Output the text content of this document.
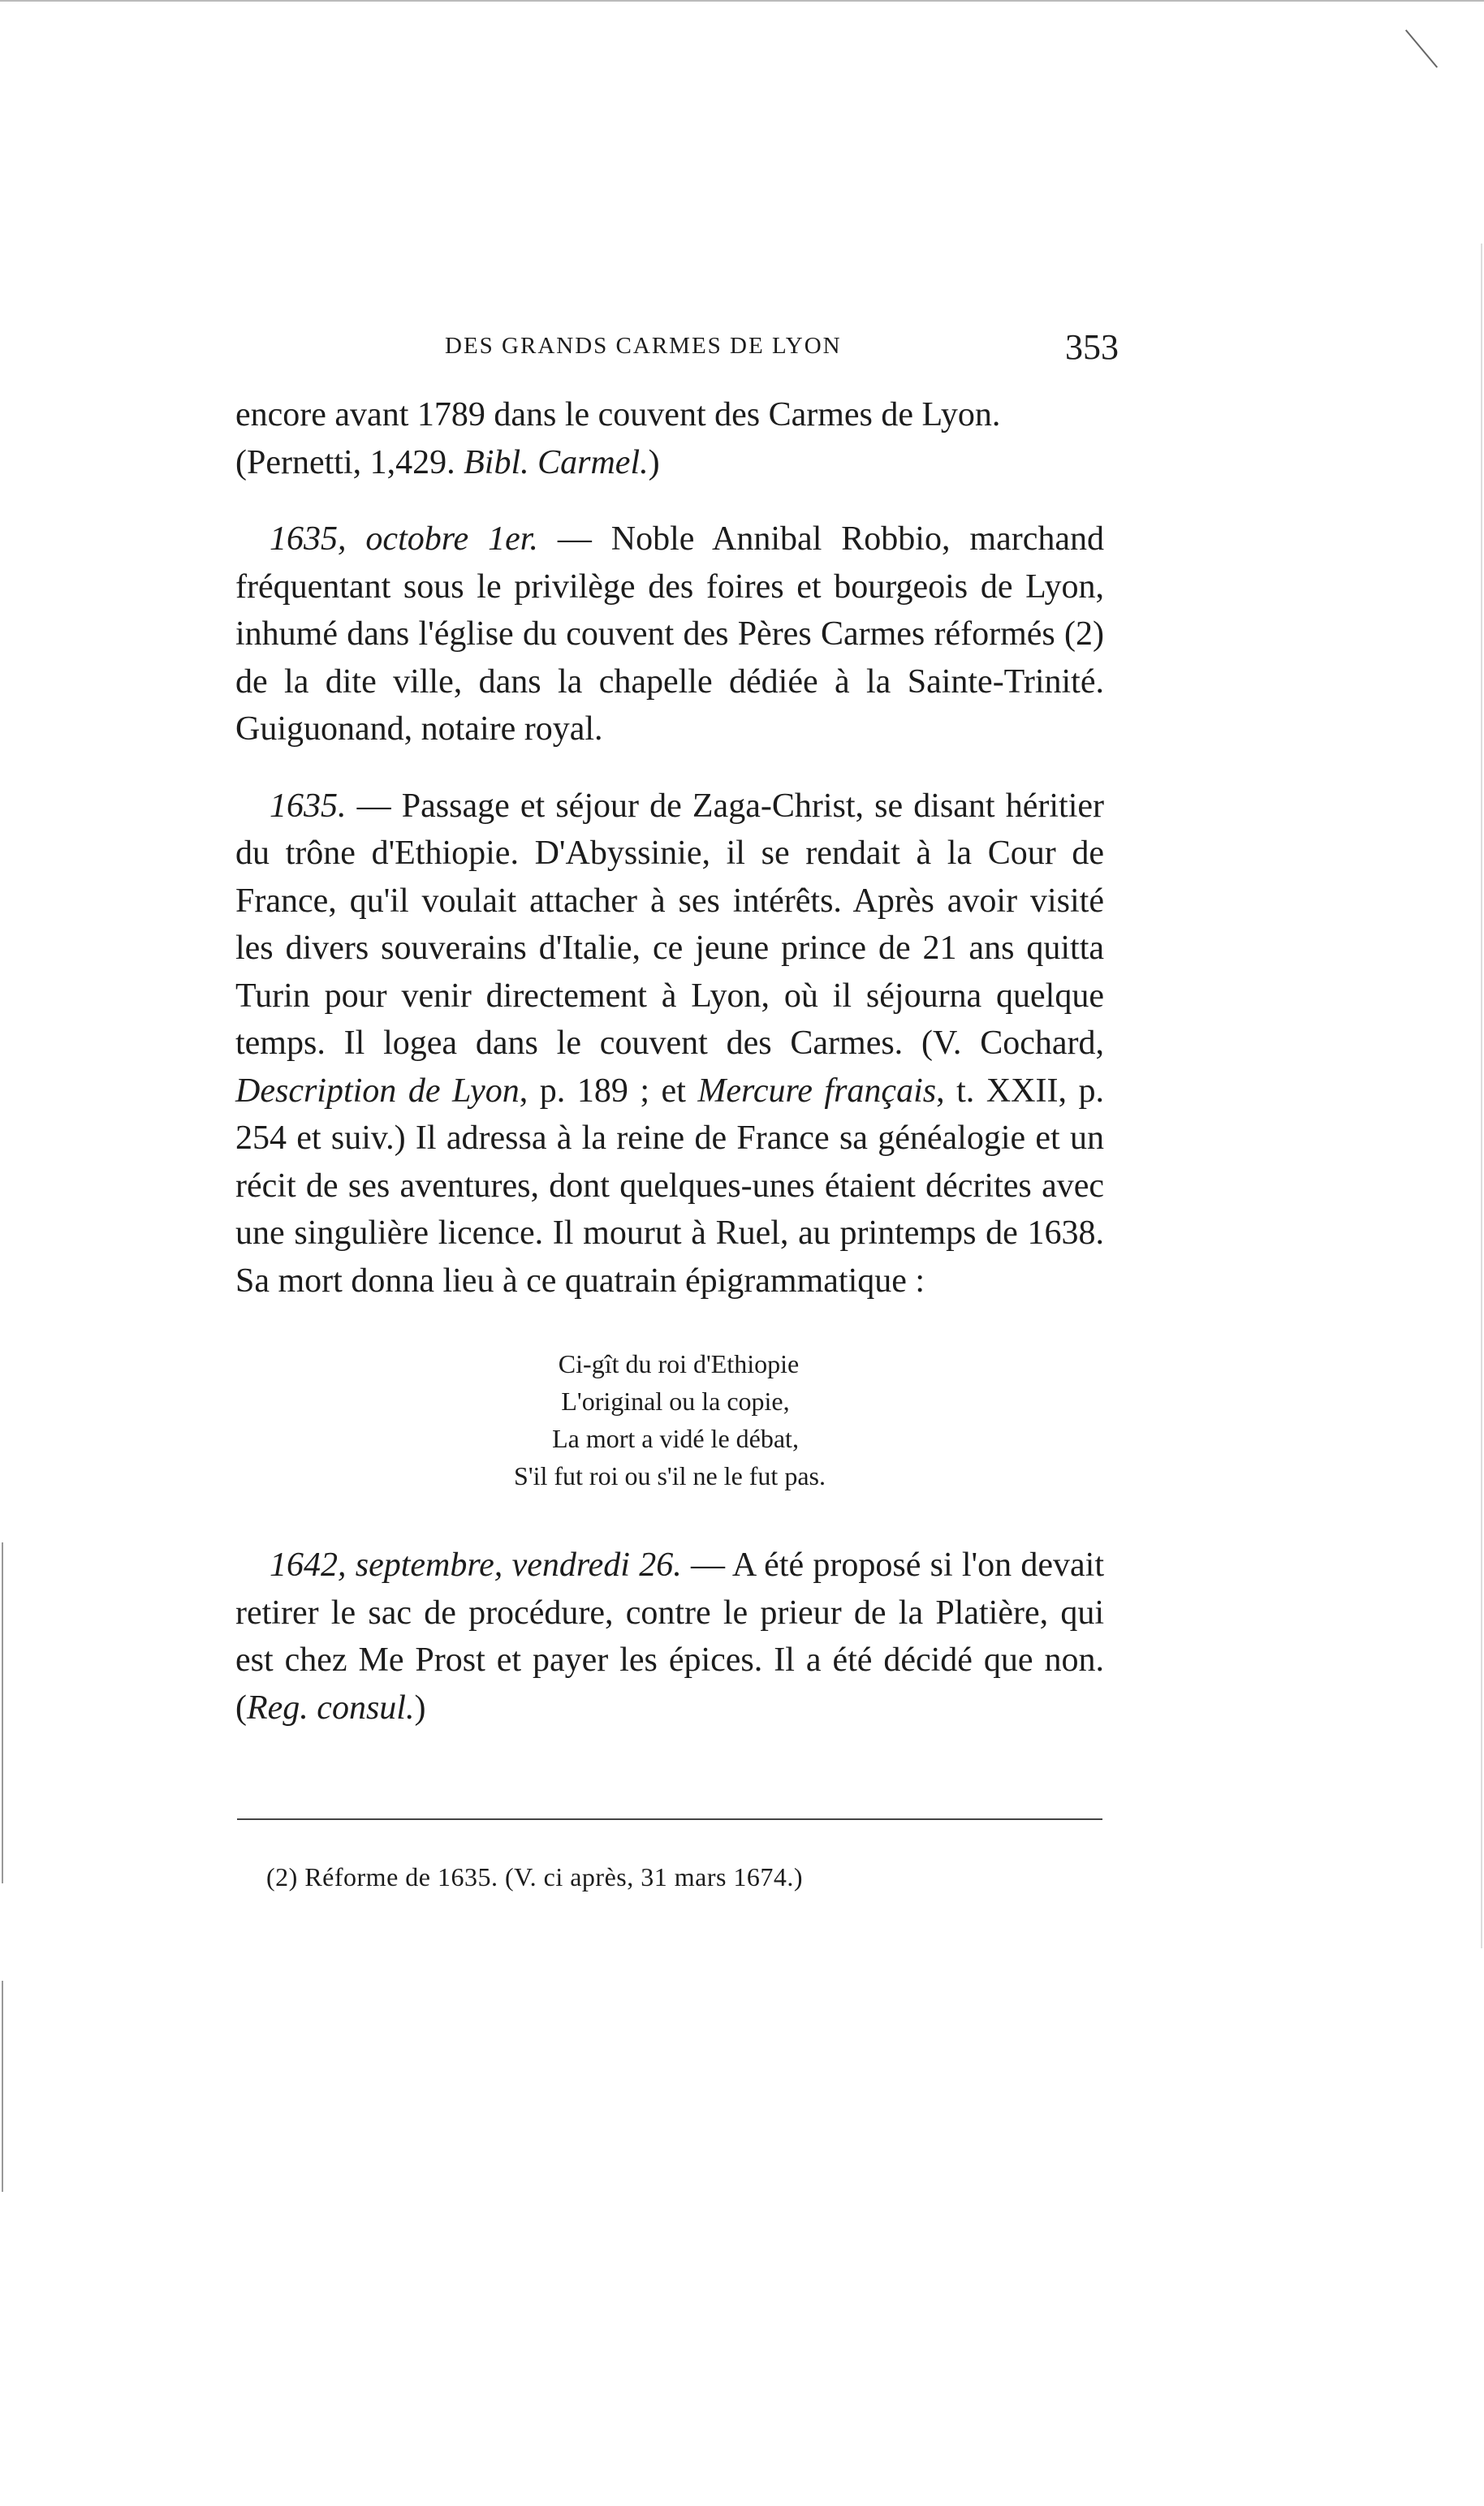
DES GRANDS CARMES DE LYON	353

encore avant 1789 dans le couvent des Carmes de Lyon.
(Pernetti, 1,429. Bibl. Carmel.)

1635, octobre 1er. — Noble Annibal Robbio, marchand fréquentant sous le privilège des foires et bourgeois de Lyon, inhumé dans l'église du couvent des Pères Carmes réformés (2) de la dite ville, dans la chapelle dédiée à la Sainte-Trinité. Guiguonand, notaire royal.

1635. — Passage et séjour de Zaga-Christ, se disant héritier du trône d'Ethiopie. D'Abyssinie, il se rendait à la Cour de France, qu'il voulait attacher à ses intérêts. Après avoir visité les divers souverains d'Italie, ce jeune prince de 21 ans quitta Turin pour venir directement à Lyon, où il séjourna quelque temps. Il logea dans le couvent des Carmes. (V. Cochard, Description de Lyon, p. 189 ; et Mercure français, t. XXII, p. 254 et suiv.) Il adressa à la reine de France sa généalogie et un récit de ses aventures, dont quelques-unes étaient décrites avec une singulière licence. Il mourut à Ruel, au printemps de 1638. Sa mort donna lieu à ce quatrain épigrammatique :

Ci-gît du roi d'Ethiopie
L'original ou la copie,
La mort a vidé le débat,
S'il fut roi ou s'il ne le fut pas.

1642, septembre, vendredi 26. — A été proposé si l'on devait retirer le sac de procédure, contre le prieur de la Platière, qui est chez Me Prost et payer les épices. Il a été décidé que non. (Reg. consul.)

(2) Réforme de 1635. (V. ci après, 31 mars 1674.)
